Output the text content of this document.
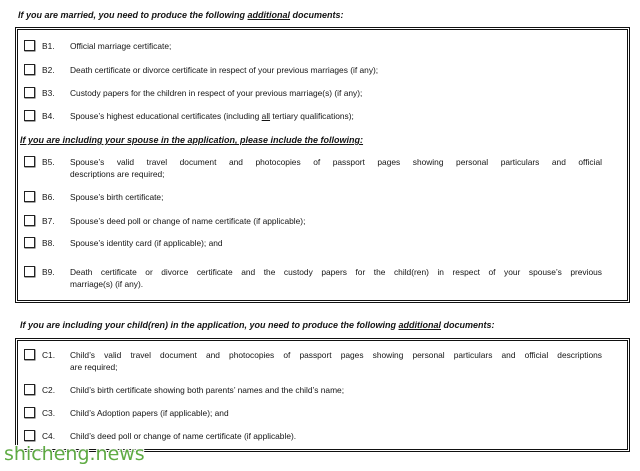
If you are married, you need to produce the following additional documents:
B1. Official marriage certificate;
B2. Death certificate or divorce certificate in respect of your previous marriages (if any);
B3. Custody papers for the children in respect of your previous marriage(s) (if any);
B4. Spouse’s highest educational certificates (including all tertiary qualifications);
If you are including your spouse in the application, please include the following:
B5. Spouse’s valid travel document and photocopies of passport pages showing personal particulars and official
descriptions are required;
B6. Spouse’s birth certificate;
B7. Spouse’s deed poll or change of name certificate (if applicable);
B8. Spouse’s identity card (if applicable); and
B9. Death certificate or divorce certificate and the custody papers for the child(ren) in respect of your spouse’s previous
marriage(s) (if any).
If you are including your child(ren) in the application, you need to produce the following additional documents:
C1. Child’s valid travel document and photocopies of passport pages showing personal particulars and official descriptions
are required;
C2. Child’s birth certificate showing both parents’ names and the child’s name;
C3. Child’s Adoption papers (if applicable); and
C4. Child’s deed poll or change of name certificate (if applicable).
shicheng.news
